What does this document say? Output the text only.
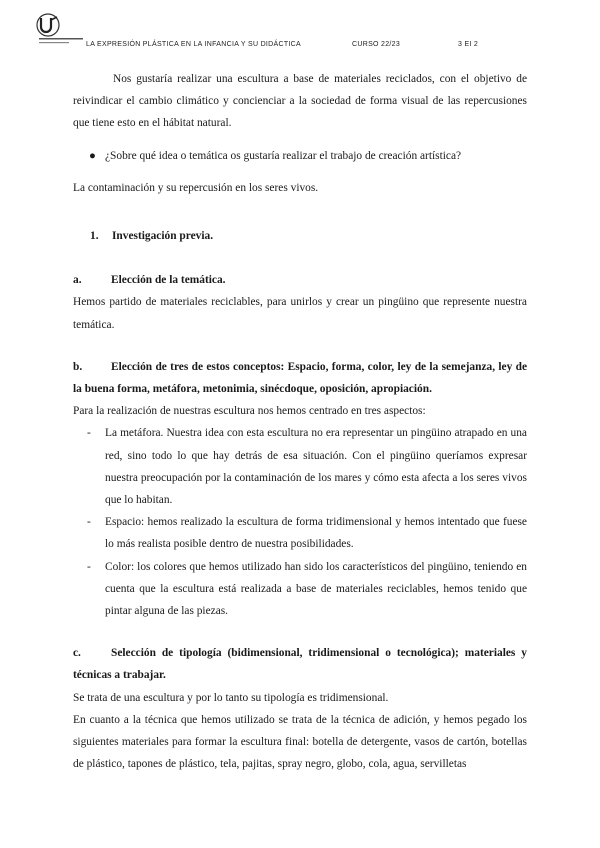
LA EXPRESIÓN PLÁSTICA EN LA INFANCIA Y SU DIDÁCTICA	CURSO 22/23	3 EI 2

Nos gustaría realizar una escultura a base de materiales reciclados, con el objetivo de reivindicar el cambio climático y concienciar a la sociedad de forma visual de las repercusiones que tiene esto en el hábitat natural.

● ¿Sobre qué idea o temática os gustaría realizar el trabajo de creación artística?

La contaminación y su repercusión en los seres vivos.

1.	Investigación previa.
a.	Elección de la temática.

Hemos partido de materiales reciclables, para unirlos y crear un pingüino que represente nuestra temática.

b.	Elección de tres de estos conceptos: Espacio, forma, color, ley de la semejanza, ley de la buena forma, metáfora, metonimia, sinécdoque, oposición, apropiación.

Para la realización de nuestras escultura nos hemos centrado en tres aspectos:

-	La metáfora. Nuestra idea con esta escultura no era representar un pingüino atrapado en una red, sino todo lo que hay detrás de esa situación. Con el pingüino queríamos expresar nuestra preocupación por la contaminación de los mares y cómo esta afecta a los seres vivos que lo habitan.
-	Espacio: hemos realizado la escultura de forma tridimensional y hemos intentado que fuese lo más realista posible dentro de nuestra posibilidades.
-	Color: los colores que hemos utilizado han sido los característicos del pingüino, teniendo en cuenta que la escultura está realizada a base de materiales reciclables, hemos tenido que pintar alguna de las piezas.
c.	Selección de tipología (bidimensional, tridimensional o tecnológica); materiales y técnicas a trabajar.

Se trata de una escultura y por lo tanto su tipología es tridimensional.

En cuanto a la técnica que hemos utilizado se trata de la técnica de adición, y hemos pegado los siguientes materiales para formar la escultura final: botella de detergente, vasos de cartón, botellas de plástico, tapones de plástico, tela, pajitas, spray negro, globo, cola, agua, servilletas
